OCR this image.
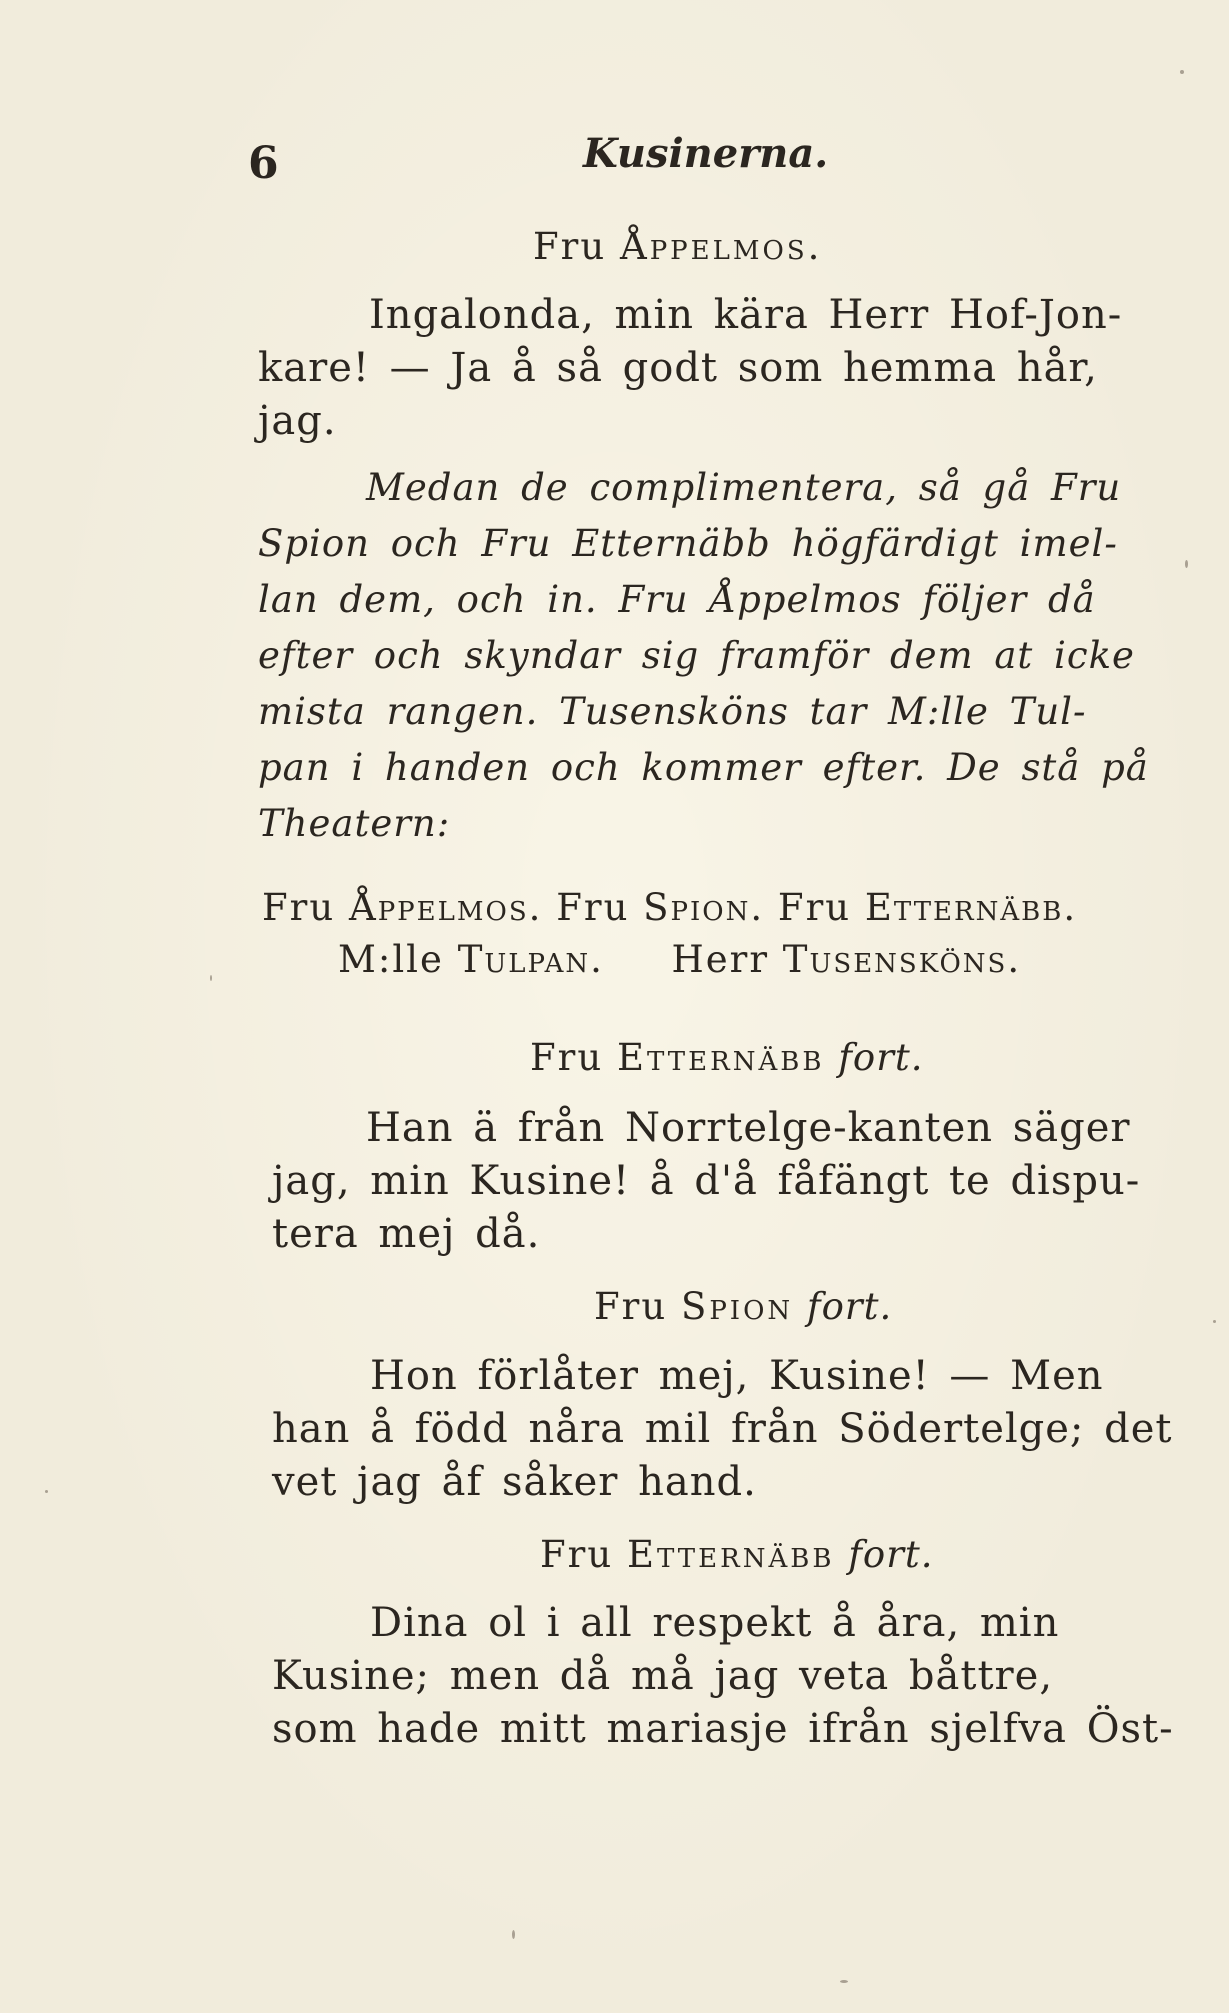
6	Kusinerna.
Fru Åppelmos.
Ingalonda, min kära Herr Hof-Jon-
kare! — Ja å så godt som hemma hår,
jag.
Medan de complimentera, så gå Fru
Spion och Fru Etternäbb högfärdigt imel-
lan dem, och in. Fru Åppelmos följer då
efter och skyndar sig framför dem at icke
mista rangen. Tusensköns tar M:lle Tul-
pan i handen och kommer efter. De stå på
Theatern:
Fru Åppelmos. Fru Spion. Fru Etternäbb.
M:lle Tulpan. Herr Tusensköns.
Fru Etternäbb fort.
Han ä från Norrtelge-kanten säger
jag, min Kusine! å d'å fåfängt te dispu-
tera mej då.
Fru Spion fort.
Hon förlåter mej, Kusine! — Men
han å född nåra mil från Södertelge; det
vet jag åf såker hand.
Fru Etternäbb fort.
Dina ol i all respekt å åra, min
Kusine; men då må jag veta båttre,
som hade mitt mariasje ifrån sjelfva Öst-
